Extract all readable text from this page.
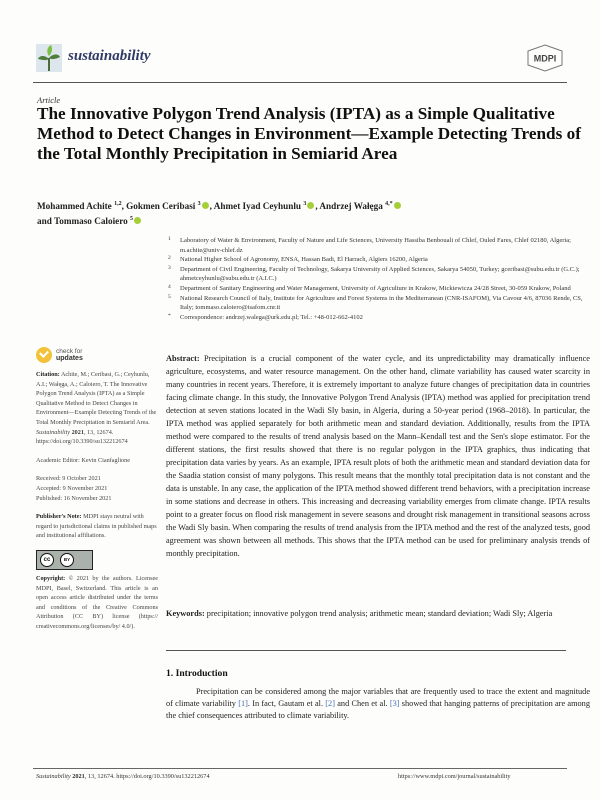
sustainability	MDPI
Article
The Innovative Polygon Trend Analysis (IPTA) as a Simple Qualitative Method to Detect Changes in Environment—Example Detecting Trends of the Total Monthly Precipitation in Semiarid Area
Mohammed Achite $^{1,2}$, Gokmen Ceribasi $^3$ , Ahmet Iyad Ceyhunlu $^3$ , Andrzej Wałęga $^{4,*}$
and Tommaso Caloiero $^5$
1 Laboratory of Water & Environment, Faculty of Nature and Life Sciences, University Hassiba Benbouali of Chlef, Ouled Fares, Chlef 02180, Algeria; m.achite@univ-chlef.dz
2 National Higher School of Agronomy, ENSA, Hassan Badi, El Harrach, Algiers 16200, Algeria
3 Department of Civil Engineering, Faculty of Technology, Sakarya University of Applied Sciences, Sakarya 54050, Turkey; gceribasi@subu.edu.tr (G.C.); ahmetceyhunlu@subu.edu.tr (A.I.C.)
4 Department of Sanitary Engineering and Water Management, University of Agriculture in Krakow, Mickiewicza 24/28 Street, 30-059 Krakow, Poland
5 National Research Council of Italy, Institute for Agriculture and Forest Systems in the Mediterranean (CNR-ISAFOM), Via Cavour 4/6, 87036 Rende, CS, Italy; tommaso.caloiero@isafom.cnr.it
* Correspondence: andrzej.walega@urk.edu.pl; Tel.: +48-012-662-4102
check for
updates
Citation: Achite, M.; Ceribasi, G.; Ceyhunlu, A.I.; Wałęga, A.; Caloiero, T. The Innovative Polygon Trend Analysis (IPTA) as a Simple Qualitative Method to Detect Changes in Environment—Example Detecting Trends of the Total Monthly Precipitation in Semiarid Area. Sustainability 2021, 13, 12674. https://doi.org/10.3390/su132212674
Academic Editor: Kevin Cianfaglione
Received: 9 October 2021
Accepted: 9 November 2021
Published: 16 November 2021
Publisher's Note: MDPI stays neutral with regard to jurisdictional claims in published maps and institutional affiliations.
cc	BY
Copyright: © 2021 by the authors. Licensee MDPI, Basel, Switzerland. This article is an open access article distributed under the terms and conditions of the Creative Commons Attribution (CC BY) license (https:// creativecommons.org/licenses/by/ 4.0/).
Abstract: Precipitation is a crucial component of the water cycle, and its unpredictability may dramatically influence agriculture, ecosystems, and water resource management. On the other hand, climate variability has caused water scarcity in many countries in recent years. Therefore, it is extremely important to analyze future changes of precipitation data in countries facing climate change. In this study, the Innovative Polygon Trend Analysis (IPTA) method was applied for precipitation trend detection at seven stations located in the Wadi Sly basin, in Algeria, during a 50-year period (1968–2018). In particular, the IPTA method was applied separately for both arithmetic mean and standard deviation. Additionally, results from the IPTA method were compared to the results of trend analysis based on the Mann–Kendall test and the Sen's slope estimator. For the different stations, the first results showed that there is no regular polygon in the IPTA graphics, thus indicating that precipitation data varies by years. As an example, IPTA result plots of both the arithmetic mean and standard deviation data for the Saadia station consist of many polygons. This result means that the monthly total precipitation data is not constant and the data is unstable. In any case, the application of the IPTA method showed different trend behaviors, with a precipitation increase in some stations and decrease in others. This increasing and decreasing variability emerges from climate change. IPTA results point to a greater focus on flood risk management in severe seasons and drought risk management in transitional seasons across the Wadi Sly basin. When comparing the results of trend analysis from the IPTA method and the rest of the analyzed tests, good agreement was shown between all methods. This shows that the IPTA method can be used for preliminary analysis trends of monthly precipitation.
Keywords: precipitation; innovative polygon trend analysis; arithmetic mean; standard deviation; Wadi Sly; Algeria
1. Introduction
Precipitation can be considered among the major variables that are frequently used to trace the extent and magnitude of climate variability [1]. In fact, Gautam et al. [2] and Chen et al. [3] showed that hanging patterns of precipitation are among the chief consequences attributed to climate variability.
Sustainability 2021, 13, 12674. https://doi.org/10.3390/su132212674	https://www.mdpi.com/journal/sustainability
